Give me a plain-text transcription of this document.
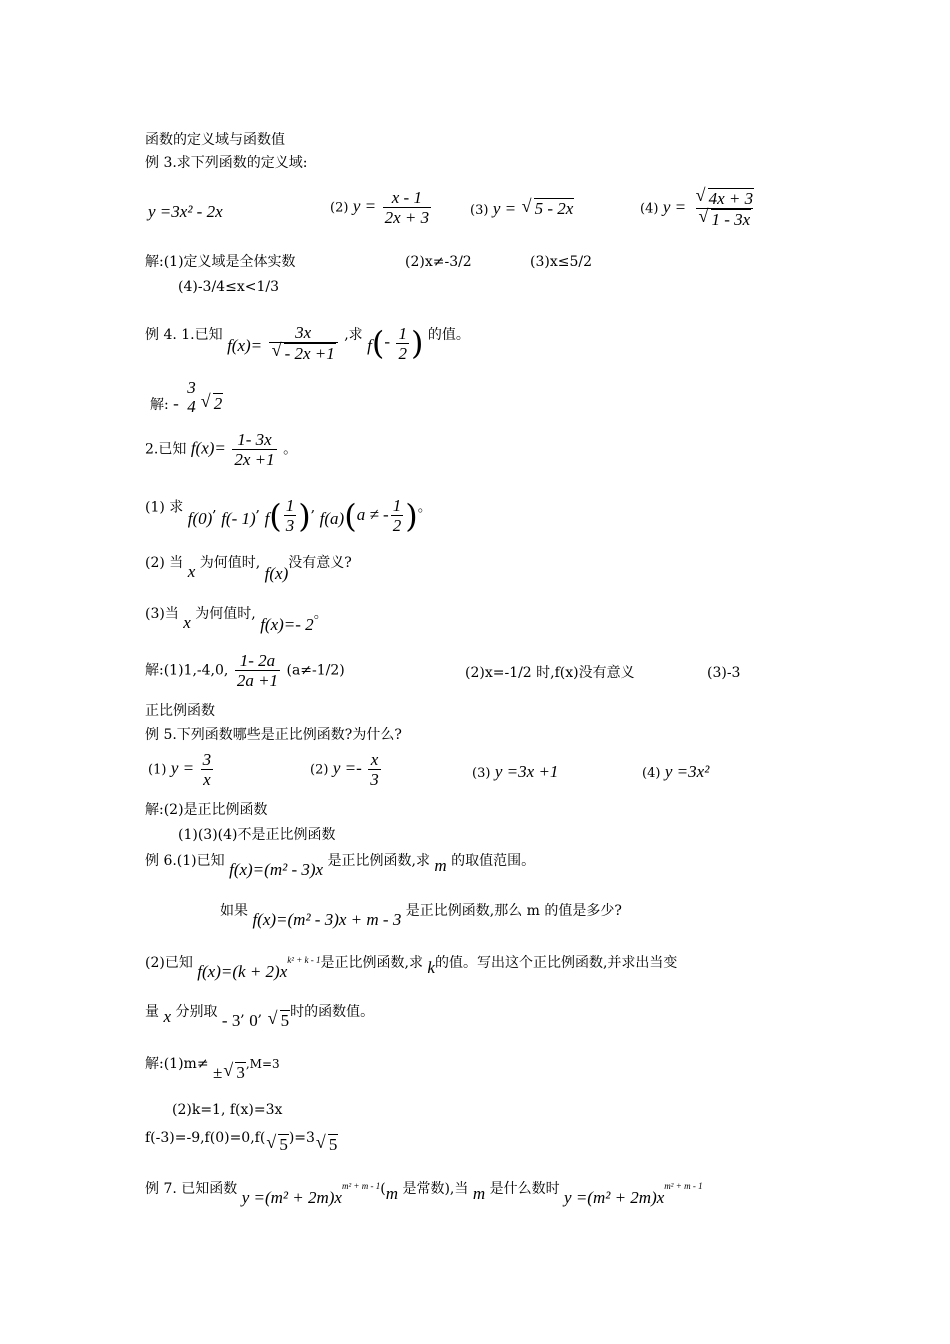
函数的定义域与函数值
例 3.求下列函数的定义域:
y =3x² - 2x	(2) $y = \frac{x - 1}{2x + 3}$	(3) y = √ 5 - 2x	(4) $y = \frac{√ 4x + 3}{√ 1 - 3x}$
解:(1)定义域是全体实数	(2)x≠-3/2	(3)x≤5/2
(4)-3/4≤x<1/3
例 4. 1.已知 $f(x)= \frac{3x}{√ - 2x +1}$ ,求 $f(- \frac{1}{2}$ ) 的值。
解: -
3
4 √ 2
2.已知 $f(x)= \frac{1- 3x}{2x +1}$ 。
(1) 求 f(0), f(- 1), $f( \frac{1}{3}$ ), f(a)(a ≠ - $\frac{1}{2}$ )。
(2) 当 x 为何值时, f(x)没有意义?
(3)当 x 为何值时, f(x)=- 2。
解:(1)1,-4,0, $\frac{1- 2a}{2a +1} (a\ne-1/2)$	(2)x=-1/2 时,f(x)没有意义	(3)-3
正比例函数
例 5.下列函数哪些是正比例函数?为什么?
(1) $y = \frac{3}{x}$	(2) $y =- \frac{x}{3}$	(3) y =3x +1	(4) y =3x²
解:(2)是正比例函数
(1)(3)(4)不是正比例函数
例 6.(1)已知 f(x)=(m² - 3)x 是正比例函数,求 m 的取值范围。
如果 f(x)=(m² - 3)x + m - 3 是正比例函数,那么 m 的值是多少?
(2)已知 $f(x)=(k + 2)x^{k^2 + k - 1}$是正比例函数,求 k的值。写出这个正比例函数,并求出当变
量 x 分别取 - 3, 0, √ 5时的函数值。
解:(1)m≠ ± √ 3,M=3
(2)k=1, f(x)=3x
f(-3)=-9,f(0)=0,f( √ 5)=3 √ 5
例 7. 已知函数 $y =(m^2 + 2m)x^{m^2 + m - 1}(m$ 是常数),当 m 是什么数时 $y =(m^2 + 2m)x^{m^2 + m - 1}$
